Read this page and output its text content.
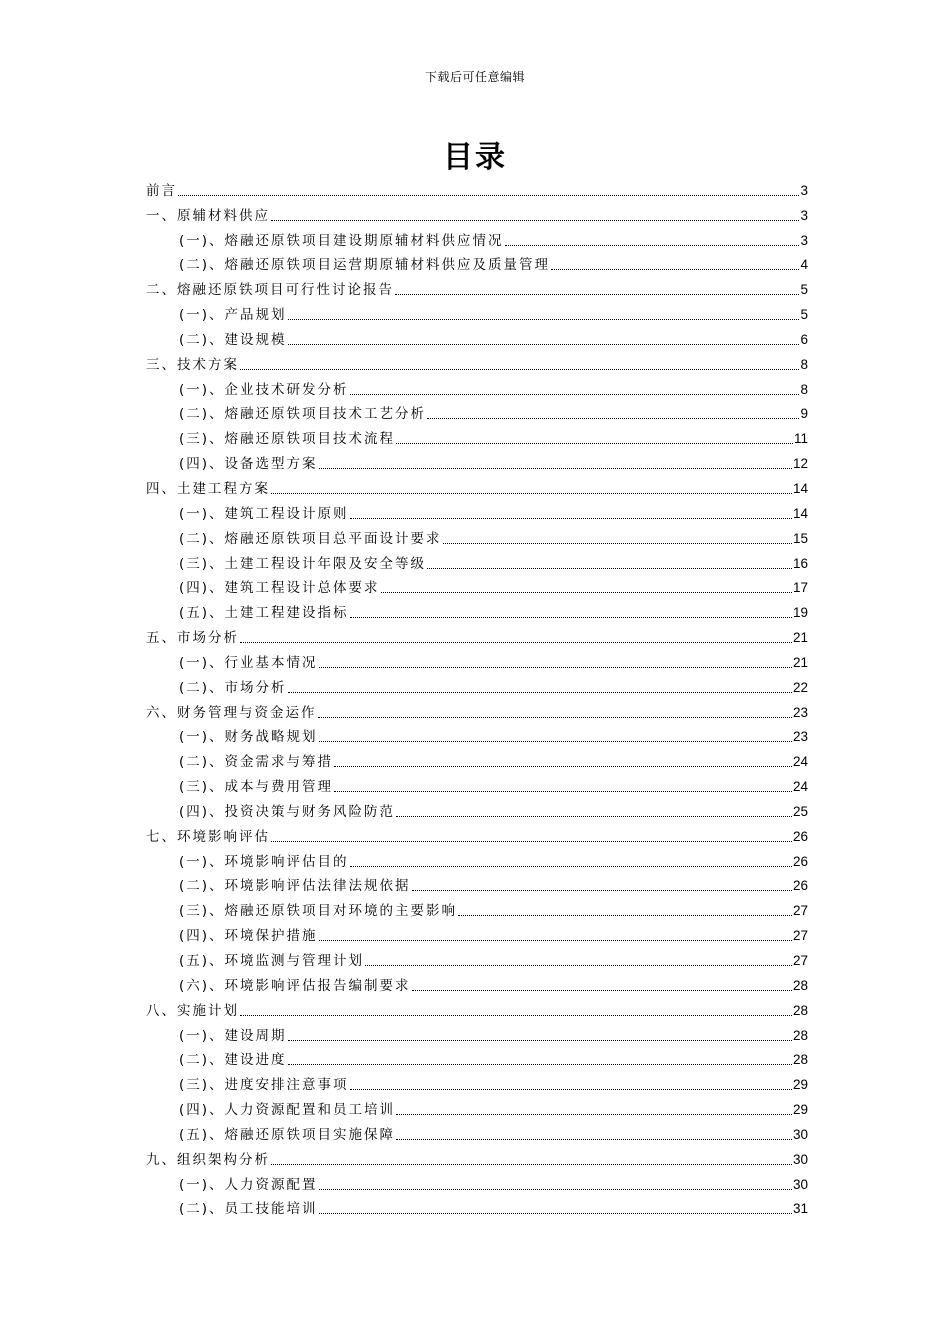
下载后可任意编辑
目录
前言	3
一、原辅材料供应	3
(一)、熔融还原铁项目建设期原辅材料供应情况	3
(二)、熔融还原铁项目运营期原辅材料供应及质量管理	4
二、熔融还原铁项目可行性讨论报告	5
(一)、产品规划	5
(二)、建设规模	6
三、技术方案	8
(一)、企业技术研发分析	8
(二)、熔融还原铁项目技术工艺分析	9
(三)、熔融还原铁项目技术流程	11
(四)、设备选型方案	12
四、土建工程方案	14
(一)、建筑工程设计原则	14
(二)、熔融还原铁项目总平面设计要求	15
(三)、土建工程设计年限及安全等级	16
(四)、建筑工程设计总体要求	17
(五)、土建工程建设指标	19
五、市场分析	21
(一)、行业基本情况	21
(二)、市场分析	22
六、财务管理与资金运作	23
(一)、财务战略规划	23
(二)、资金需求与筹措	24
(三)、成本与费用管理	24
(四)、投资决策与财务风险防范	25
七、环境影响评估	26
(一)、环境影响评估目的	26
(二)、环境影响评估法律法规依据	26
(三)、熔融还原铁项目对环境的主要影响	27
(四)、环境保护措施	27
(五)、环境监测与管理计划	27
(六)、环境影响评估报告编制要求	28
八、实施计划	28
(一)、建设周期	28
(二)、建设进度	28
(三)、进度安排注意事项	29
(四)、人力资源配置和员工培训	29
(五)、熔融还原铁项目实施保障	30
九、组织架构分析	30
(一)、人力资源配置	30
(二)、员工技能培训	31
